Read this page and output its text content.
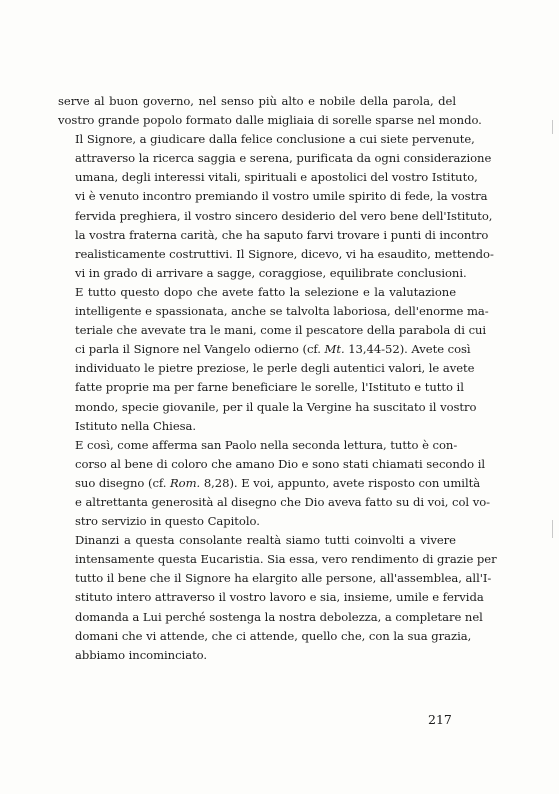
serve al buon governo, nel senso più alto e nobile della parola, del
vostro grande popolo formato dalle migliaia di sorelle sparse nel mondo.

Il Signore, a giudicare dalla felice conclusione a cui siete pervenute,
attraverso la ricerca saggia e serena, purificata da ogni considerazione
umana, degli interessi vitali, spirituali e apostolici del vostro Istituto,
vi è venuto incontro premiando il vostro umile spirito di fede, la vostra
fervida preghiera, il vostro sincero desiderio del vero bene dell'Istituto,
la vostra fraterna carità, che ha saputo farvi trovare i punti di incontro
realisticamente costruttivi. Il Signore, dicevo, vi ha esaudito, mettendo-
vi in grado di arrivare a sagge, coraggiose, equilibrate conclusioni.

E tutto questo dopo che avete fatto la selezione e la valutazione
intelligente e spassionata, anche se talvolta laboriosa, dell'enorme ma-
teriale che avevate tra le mani, come il pescatore della parabola di cui
ci parla il Signore nel Vangelo odierno (cf. Mt. 13,44-52). Avete così
individuato le pietre preziose, le perle degli autentici valori, le avete
fatte proprie ma per farne beneficiare le sorelle, l'Istituto e tutto il
mondo, specie giovanile, per il quale la Vergine ha suscitato il vostro
Istituto nella Chiesa.

E così, come afferma san Paolo nella seconda lettura, tutto è con-
corso al bene di coloro che amano Dio e sono stati chiamati secondo il
suo disegno (cf. Rom. 8,28). E voi, appunto, avete risposto con umiltà
e altrettanta generosità al disegno che Dio aveva fatto su di voi, col vo-
stro servizio in questo Capitolo.

Dinanzi a questa consolante realtà siamo tutti coinvolti a vivere
intensamente questa Eucaristia. Sia essa, vero rendimento di grazie per
tutto il bene che il Signore ha elargito alle persone, all'assemblea, all'I-
stituto intero attraverso il vostro lavoro e sia, insieme, umile e fervida
domanda a Lui perché sostenga la nostra debolezza, a completare nel
domani che vi attende, che ci attende, quello che, con la sua grazia,
abbiamo incominciato.

217
